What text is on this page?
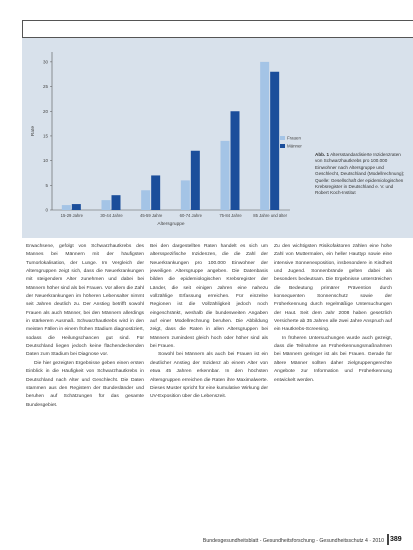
0
5
10
15
20
25
30
Rate
15-29 Jahre	30-44 Jahre	45-59 Jahre	60-74 Jahre	75-84 Jahre	85 Jahre und älter
Altersgruppe
Frauen
Männer
Abb. 1 Altersstandardisierte Inzidenzraten von Schwarzhautkrebs pro 100.000 Einwohner nach Altersgruppe und Geschlecht, Deutschland (Modellrechnung); Quelle: Gesellschaft der epidemiologischen Krebsregister in Deutschland e. V. und Robert Koch-Institut

Erwachsene, gefolgt von Schwarzhautkrebs des Mannes bei Männern mit der häufigsten Tumorlokalisation, der Lunge. Im Vergleich der Altersgruppen zeigt sich, dass die Neuerkrankungen mit steigendem Alter zunehmen und dabei bei Männern höher sind als bei Frauen. Vor allem die Zahl der Neuerkrankungen im höheren Lebensalter nimmt seit Jahren deutlich zu. Der Anstieg betrifft sowohl Frauen als auch Männer, bei den Männern allerdings in stärkerem Ausmaß. Schwarzhautkrebs wird in den meisten Fällen in einem frühen Stadium diagnostiziert, sodass die Heilungschancen gut sind. Für Deutschland liegen jedoch keine flächendeckenden Daten zum Stadium bei Diagnose vor.

Die hier gezeigten Ergebnisse geben einen ersten Einblick in die Häufigkeit von Schwarzhautkrebs in Deutschland nach Alter und Geschlecht. Die Daten stammen aus den Registern der Bundesländer und beruhen auf Schätzungen für das gesamte Bundesgebiet.

Bei den dargestellten Raten handelt es sich um altersspezifische Inzidenzen, die die Zahl der Neuerkrankungen pro 100.000 Einwohner der jeweiligen Altersgruppe angeben. Die Datenbasis bilden die epidemiologischen Krebsregister der Länder, die seit einigen Jahren eine nahezu vollzählige Erfassung erreichen. Für einzelne Regionen ist die Vollzähligkeit jedoch noch eingeschränkt, weshalb die bundesweiten Angaben auf einer Modellrechnung beruhen. Die Abbildung zeigt, dass die Raten in allen Altersgruppen bei Männern zumindest gleich hoch oder höher sind als bei Frauen.

Sowohl bei Männern als auch bei Frauen ist ein deutlicher Anstieg der Inzidenz ab einem Alter von etwa 45 Jahren erkennbar. In den höchsten Altersgruppen erreichen die Raten ihre Maximalwerte. Dieses Muster spricht für eine kumulative Wirkung der UV-Exposition über die Lebenszeit.

Zu den wichtigsten Risikofaktoren zählen eine hohe Zahl von Muttermalen, ein heller Hauttyp sowie eine intensive Sonnenexposition, insbesondere in Kindheit und Jugend. Sonnenbrände gelten dabei als besonders bedeutsam. Die Ergebnisse unterstreichen die Bedeutung primärer Prävention durch konsequenten Sonnenschutz sowie der Früherkennung durch regelmäßige Untersuchungen der Haut. Seit dem Jahr 2008 haben gesetzlich Versicherte ab 35 Jahren alle zwei Jahre Anspruch auf ein Hautkrebs-Screening.

In früheren Untersuchungen wurde auch gezeigt, dass die Teilnahme an Früherkennungsmaßnahmen bei Männern geringer ist als bei Frauen. Gerade für ältere Männer sollten daher zielgruppengerechte Angebote zur Information und Früherkennung entwickelt werden.

Bundesgesundheitsblatt - Gesundheitsforschung - Gesundheitsschutz 4 · 2010 389
